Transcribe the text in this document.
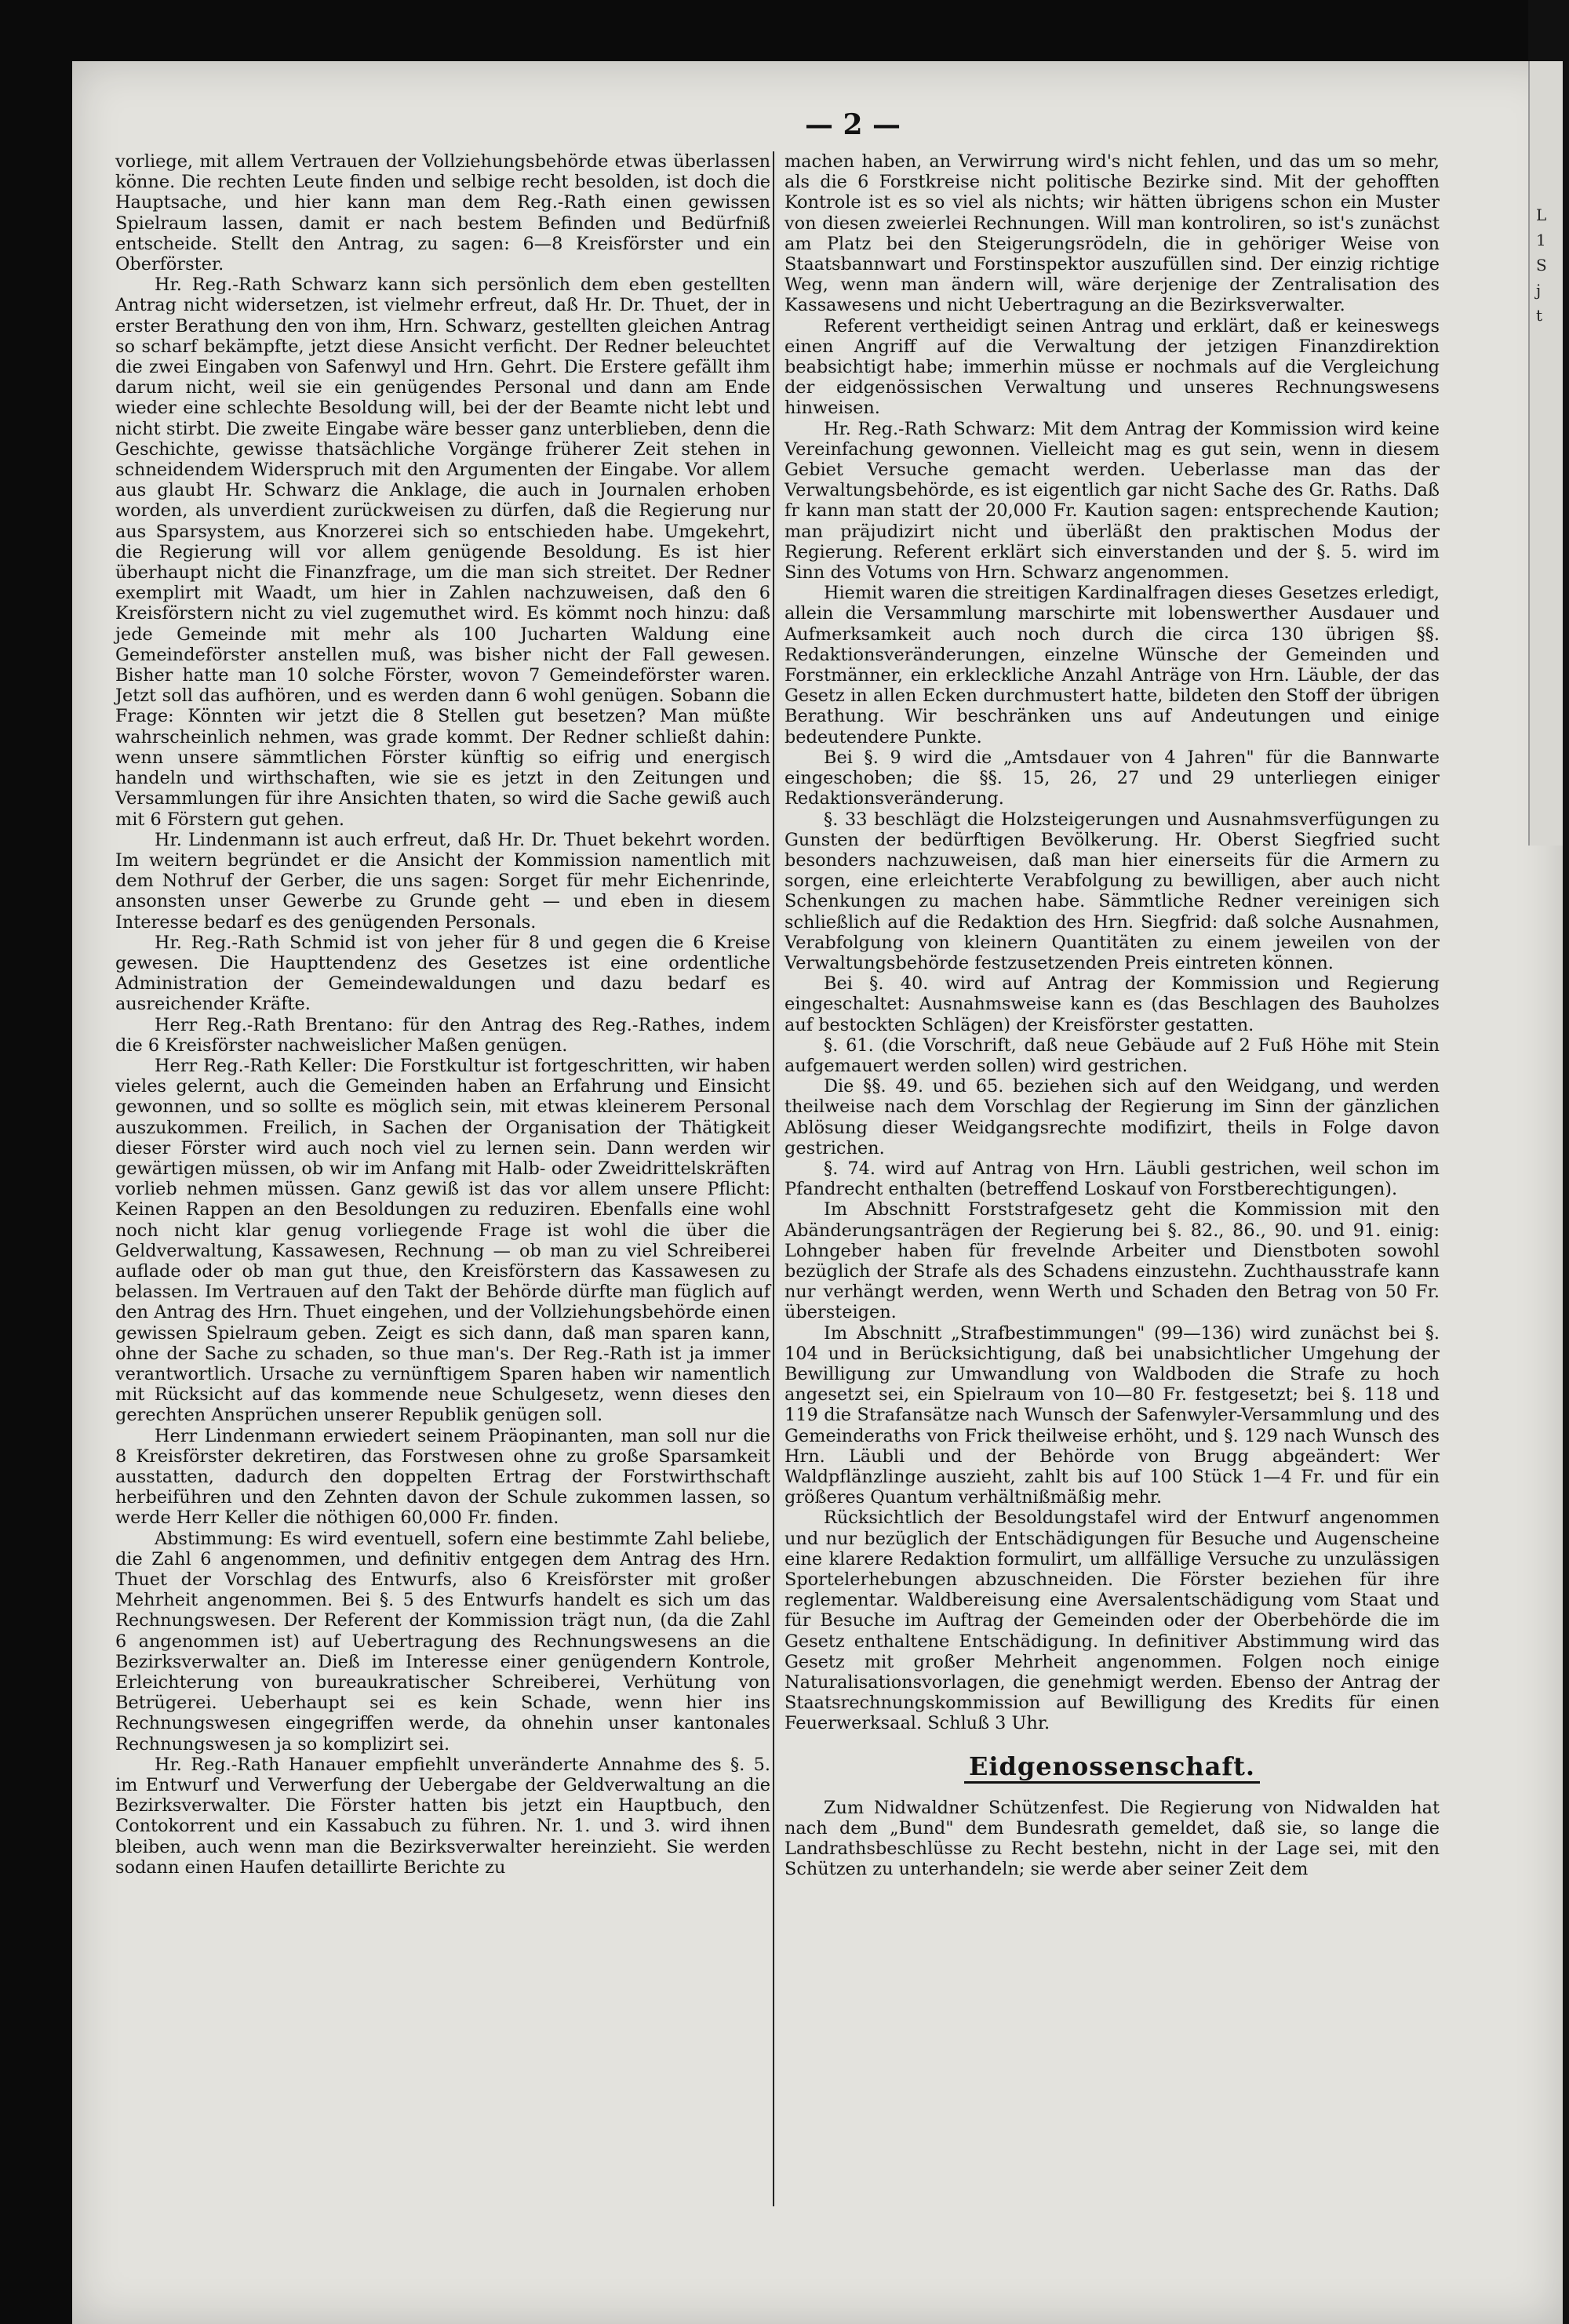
L
1
S
j
t
— 2 —

vorliege, mit allem Vertrauen der Vollziehungsbehörde etwas überlassen könne. Die rechten Leute finden und selbige recht besolden, ist doch die Hauptsache, und hier kann man dem Reg.-Rath einen gewissen Spielraum lassen, damit er nach bestem Befinden und Bedürfniß entscheide. Stellt den Antrag, zu sagen: 6—8 Kreisförster und ein Oberförster.

Hr. Reg.-Rath Schwarz kann sich persönlich dem eben gestellten Antrag nicht widersetzen, ist vielmehr erfreut, daß Hr. Dr. Thuet, der in erster Berathung den von ihm, Hrn. Schwarz, gestellten gleichen Antrag so scharf bekämpfte, jetzt diese Ansicht verficht. Der Redner beleuchtet die zwei Eingaben von Safenwyl und Hrn. Gehrt. Die Erstere gefällt ihm darum nicht, weil sie ein genügendes Personal und dann am Ende wieder eine schlechte Besoldung will, bei der der Beamte nicht lebt und nicht stirbt. Die zweite Eingabe wäre besser ganz unterblieben, denn die Geschichte, gewisse thatsächliche Vorgänge früherer Zeit stehen in schneidendem Widerspruch mit den Argumenten der Eingabe. Vor allem aus glaubt Hr. Schwarz die Anklage, die auch in Journalen erhoben worden, als unverdient zurückweisen zu dürfen, daß die Regierung nur aus Sparsystem, aus Knorzerei sich so entschieden habe. Umgekehrt, die Regierung will vor allem genügende Besoldung. Es ist hier überhaupt nicht die Finanzfrage, um die man sich streitet. Der Redner exemplirt mit Waadt, um hier in Zahlen nachzuweisen, daß den 6 Kreisförstern nicht zu viel zugemuthet wird. Es kömmt noch hinzu: daß jede Gemeinde mit mehr als 100 Jucharten Waldung eine Gemeindeförster anstellen muß, was bisher nicht der Fall gewesen. Bisher hatte man 10 solche Förster, wovon 7 Gemeindeförster waren. Jetzt soll das aufhören, und es werden dann 6 wohl genügen. Sobann die Frage: Könnten wir jetzt die 8 Stellen gut besetzen? Man müßte wahrscheinlich nehmen, was grade kommt. Der Redner schließt dahin: wenn unsere sämmtlichen Förster künftig so eifrig und energisch handeln und wirthschaften, wie sie es jetzt in den Zeitungen und Versammlungen für ihre Ansichten thaten, so wird die Sache gewiß auch mit 6 Förstern gut gehen.

Hr. Lindenmann ist auch erfreut, daß Hr. Dr. Thuet bekehrt worden. Im weitern begründet er die Ansicht der Kommission namentlich mit dem Nothruf der Gerber, die uns sagen: Sorget für mehr Eichenrinde, ansonsten unser Gewerbe zu Grunde geht — und eben in diesem Interesse bedarf es des genügenden Personals.

Hr. Reg.-Rath Schmid ist von jeher für 8 und gegen die 6 Kreise gewesen. Die Haupttendenz des Gesetzes ist eine ordentliche Administration der Gemeindewaldungen und dazu bedarf es ausreichender Kräfte.

Herr Reg.-Rath Brentano: für den Antrag des Reg.-Rathes, indem die 6 Kreisförster nachweislicher Maßen genügen.

Herr Reg.-Rath Keller: Die Forstkultur ist fortgeschritten, wir haben vieles gelernt, auch die Gemeinden haben an Erfahrung und Einsicht gewonnen, und so sollte es möglich sein, mit etwas kleinerem Personal auszukommen. Freilich, in Sachen der Organisation der Thätigkeit dieser Förster wird auch noch viel zu lernen sein. Dann werden wir gewärtigen müssen, ob wir im Anfang mit Halb- oder Zweidrittelskräften vorlieb nehmen müssen. Ganz gewiß ist das vor allem unsere Pflicht: Keinen Rappen an den Besoldungen zu reduziren. Ebenfalls eine wohl noch nicht klar genug vorliegende Frage ist wohl die über die Geldverwaltung, Kassawesen, Rechnung — ob man zu viel Schreiberei auflade oder ob man gut thue, den Kreisförstern das Kassawesen zu belassen. Im Vertrauen auf den Takt der Behörde dürfte man füglich auf den Antrag des Hrn. Thuet eingehen, und der Vollziehungsbehörde einen gewissen Spielraum geben. Zeigt es sich dann, daß man sparen kann, ohne der Sache zu schaden, so thue man's. Der Reg.-Rath ist ja immer verantwortlich. Ursache zu vernünftigem Sparen haben wir namentlich mit Rücksicht auf das kommende neue Schulgesetz, wenn dieses den gerechten Ansprüchen unserer Republik genügen soll.

Herr Lindenmann erwiedert seinem Präopinanten, man soll nur die 8 Kreisförster dekretiren, das Forstwesen ohne zu große Sparsamkeit ausstatten, dadurch den doppelten Ertrag der Forstwirthschaft herbeiführen und den Zehnten davon der Schule zukommen lassen, so werde Herr Keller die nöthigen 60,000 Fr. finden.

Abstimmung: Es wird eventuell, sofern eine bestimmte Zahl beliebe, die Zahl 6 angenommen, und definitiv entgegen dem Antrag des Hrn. Thuet der Vorschlag des Entwurfs, also 6 Kreisförster mit großer Mehrheit angenommen. Bei §. 5 des Entwurfs handelt es sich um das Rechnungswesen. Der Referent der Kommission trägt nun, (da die Zahl 6 angenommen ist) auf Uebertragung des Rechnungswesens an die Bezirksverwalter an. Dieß im Interesse einer genügendern Kontrole, Erleichterung von bureaukratischer Schreiberei, Verhütung von Betrügerei. Ueberhaupt sei es kein Schade, wenn hier ins Rechnungswesen eingegriffen werde, da ohnehin unser kantonales Rechnungswesen ja so komplizirt sei.

Hr. Reg.-Rath Hanauer empfiehlt unveränderte Annahme des §. 5. im Entwurf und Verwerfung der Uebergabe der Geldverwaltung an die Bezirksverwalter. Die Förster hatten bis jetzt ein Hauptbuch, den Contokorrent und ein Kassabuch zu führen. Nr. 1. und 3. wird ihnen bleiben, auch wenn man die Bezirksverwalter hereinzieht. Sie werden sodann einen Haufen detaillirte Berichte zu

machen haben, an Verwirrung wird's nicht fehlen, und das um so mehr, als die 6 Forstkreise nicht politische Bezirke sind. Mit der gehofften Kontrole ist es so viel als nichts; wir hätten übrigens schon ein Muster von diesen zweierlei Rechnungen. Will man kontroliren, so ist's zunächst am Platz bei den Steigerungsrödeln, die in gehöriger Weise von Staatsbannwart und Forstinspektor auszufüllen sind. Der einzig richtige Weg, wenn man ändern will, wäre derjenige der Zentralisation des Kassawesens und nicht Uebertragung an die Bezirksverwalter.

Referent vertheidigt seinen Antrag und erklärt, daß er keineswegs einen Angriff auf die Verwaltung der jetzigen Finanzdirektion beabsichtigt habe; immerhin müsse er nochmals auf die Vergleichung der eidgenössischen Verwaltung und unseres Rechnungswesens hinweisen.

Hr. Reg.-Rath Schwarz: Mit dem Antrag der Kommission wird keine Vereinfachung gewonnen. Vielleicht mag es gut sein, wenn in diesem Gebiet Versuche gemacht werden. Ueberlasse man das der Verwaltungsbehörde, es ist eigentlich gar nicht Sache des Gr. Raths. Daß fr kann man statt der 20,000 Fr. Kaution sagen: entsprechende Kaution; man präjudizirt nicht und überläßt den praktischen Modus der Regierung. Referent erklärt sich einverstanden und der §. 5. wird im Sinn des Votums von Hrn. Schwarz angenommen.

Hiemit waren die streitigen Kardinalfragen dieses Gesetzes erledigt, allein die Versammlung marschirte mit lobenswerther Ausdauer und Aufmerksamkeit auch noch durch die circa 130 übrigen §§. Redaktionsveränderungen, einzelne Wünsche der Gemeinden und Forstmänner, ein erkleckliche Anzahl Anträge von Hrn. Läuble, der das Gesetz in allen Ecken durchmustert hatte, bildeten den Stoff der übrigen Berathung. Wir beschränken uns auf Andeutungen und einige bedeutendere Punkte.

Bei §. 9 wird die „Amtsdauer von 4 Jahren" für die Bannwarte eingeschoben; die §§. 15, 26, 27 und 29 unterliegen einiger Redaktionsveränderung.

§. 33 beschlägt die Holzsteigerungen und Ausnahmsverfügungen zu Gunsten der bedürftigen Bevölkerung. Hr. Oberst Siegfried sucht besonders nachzuweisen, daß man hier einerseits für die Armern zu sorgen, eine erleichterte Verabfolgung zu bewilligen, aber auch nicht Schenkungen zu machen habe. Sämmtliche Redner vereinigen sich schließlich auf die Redaktion des Hrn. Siegfrid: daß solche Ausnahmen, Verabfolgung von kleinern Quantitäten zu einem jeweilen von der Verwaltungsbehörde festzusetzenden Preis eintreten können.

Bei §. 40. wird auf Antrag der Kommission und Regierung eingeschaltet: Ausnahmsweise kann es (das Beschlagen des Bauholzes auf bestockten Schlägen) der Kreisförster gestatten.

§. 61. (die Vorschrift, daß neue Gebäude auf 2 Fuß Höhe mit Stein aufgemauert werden sollen) wird gestrichen.

Die §§. 49. und 65. beziehen sich auf den Weidgang, und werden theilweise nach dem Vorschlag der Regierung im Sinn der gänzlichen Ablösung dieser Weidgangsrechte modifizirt, theils in Folge davon gestrichen.

§. 74. wird auf Antrag von Hrn. Läubli gestrichen, weil schon im Pfandrecht enthalten (betreffend Loskauf von Forstberechtigungen).

Im Abschnitt Forststrafgesetz geht die Kommission mit den Abänderungsanträgen der Regierung bei §. 82., 86., 90. und 91. einig: Lohngeber haben für frevelnde Arbeiter und Dienstboten sowohl bezüglich der Strafe als des Schadens einzustehn. Zuchthausstrafe kann nur verhängt werden, wenn Werth und Schaden den Betrag von 50 Fr. übersteigen.

Im Abschnitt „Strafbestimmungen" (99—136) wird zunächst bei §. 104 und in Berücksichtigung, daß bei unabsichtlicher Umgehung der Bewilligung zur Umwandlung von Waldboden die Strafe zu hoch angesetzt sei, ein Spielraum von 10—80 Fr. festgesetzt; bei §. 118 und 119 die Strafansätze nach Wunsch der Safenwyler-Versammlung und des Gemeinderaths von Frick theilweise erhöht, und §. 129 nach Wunsch des Hrn. Läubli und der Behörde von Brugg abgeändert: Wer Waldpflänzlinge auszieht, zahlt bis auf 100 Stück 1—4 Fr. und für ein größeres Quantum verhältnißmäßig mehr.

Rücksichtlich der Besoldungstafel wird der Entwurf angenommen und nur bezüglich der Entschädigungen für Besuche und Augenscheine eine klarere Redaktion formulirt, um allfällige Versuche zu unzulässigen Sportelerhebungen abzuschneiden. Die Förster beziehen für ihre reglementar. Waldbereisung eine Aversalentschädigung vom Staat und für Besuche im Auftrag der Gemeinden oder der Oberbehörde die im Gesetz enthaltene Entschädigung. In definitiver Abstimmung wird das Gesetz mit großer Mehrheit angenommen. Folgen noch einige Naturalisationsvorlagen, die genehmigt werden. Ebenso der Antrag der Staatsrechnungskommission auf Bewilligung des Kredits für einen Feuerwerksaal. Schluß 3 Uhr.

Eidgenossenschaft.

Zum Nidwaldner Schützenfest. Die Regierung von Nidwalden hat nach dem „Bund" dem Bundesrath gemeldet, daß sie, so lange die Landrathsbeschlüsse zu Recht bestehn, nicht in der Lage sei, mit den Schützen zu unterhandeln; sie werde aber seiner Zeit dem
